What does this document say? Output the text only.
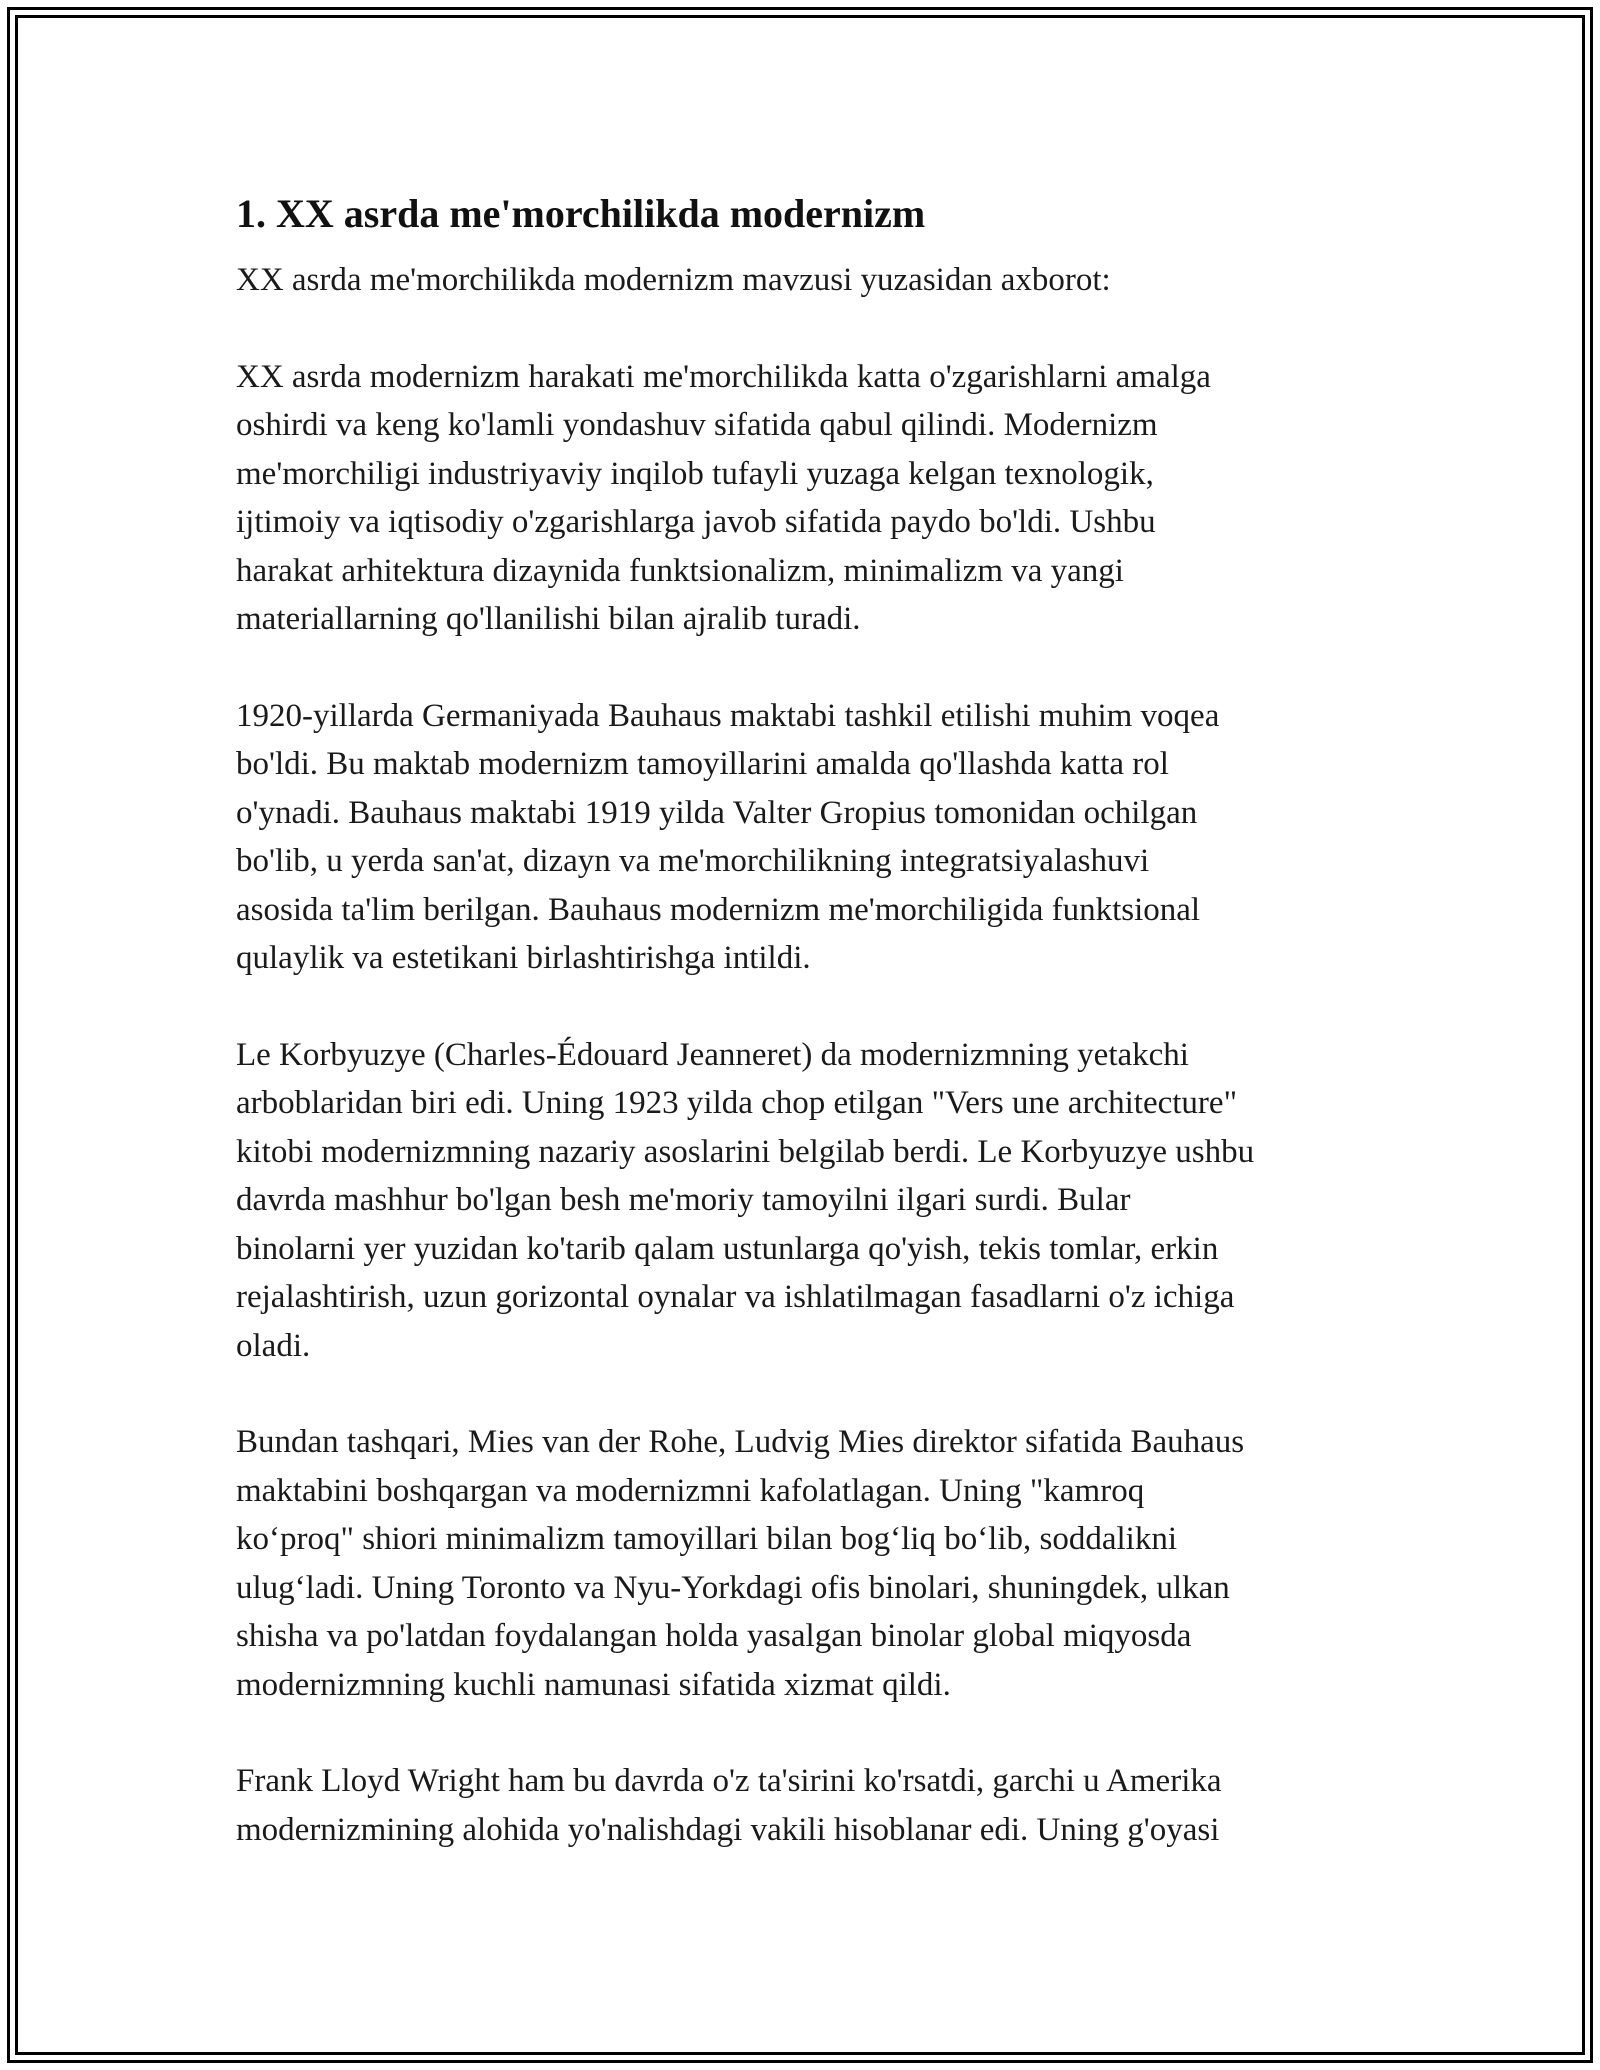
1. XX asrda me'morchilikda modernizm

XX asrda me'morchilikda modernizm mavzusi yuzasidan axborot:

XX asrda modernizm harakati me'morchilikda katta o'zgarishlarni amalga
oshirdi va keng ko'lamli yondashuv sifatida qabul qilindi. Modernizm
me'morchiligi industriyaviy inqilob tufayli yuzaga kelgan texnologik,
ijtimoiy va iqtisodiy o'zgarishlarga javob sifatida paydo bo'ldi. Ushbu
harakat arhitektura dizaynida funktsionalizm, minimalizm va yangi
materiallarning qo'llanilishi bilan ajralib turadi.

1920-yillarda Germaniyada Bauhaus maktabi tashkil etilishi muhim voqea
bo'ldi. Bu maktab modernizm tamoyillarini amalda qo'llashda katta rol
o'ynadi. Bauhaus maktabi 1919 yilda Valter Gropius tomonidan ochilgan
bo'lib, u yerda san'at, dizayn va me'morchilikning integratsiyalashuvi
asosida ta'lim berilgan. Bauhaus modernizm me'morchiligida funktsional
qulaylik va estetikani birlashtirishga intildi.

Le Korbyuzye (Charles-Édouard Jeanneret) da modernizmning yetakchi
arboblaridan biri edi. Uning 1923 yilda chop etilgan "Vers une architecture"
kitobi modernizmning nazariy asoslarini belgilab berdi. Le Korbyuzye ushbu
davrda mashhur bo'lgan besh me'moriy tamoyilni ilgari surdi. Bular
binolarni yer yuzidan ko'tarib qalam ustunlarga qo'yish, tekis tomlar, erkin
rejalashtirish, uzun gorizontal oynalar va ishlatilmagan fasadlarni o'z ichiga
oladi.

Bundan tashqari, Mies van der Rohe, Ludvig Mies direktor sifatida Bauhaus
maktabini boshqargan va modernizmni kafolatlagan. Uning "kamroq
ko‘proq" shiori minimalizm tamoyillari bilan bog‘liq bo‘lib, soddalikni
ulug‘ladi. Uning Toronto va Nyu-Yorkdagi ofis binolari, shuningdek, ulkan
shisha va po'latdan foydalangan holda yasalgan binolar global miqyosda
modernizmning kuchli namunasi sifatida xizmat qildi.

Frank Lloyd Wright ham bu davrda o'z ta'sirini ko'rsatdi, garchi u Amerika
modernizmining alohida yo'nalishdagi vakili hisoblanar edi. Uning g'oyasi
